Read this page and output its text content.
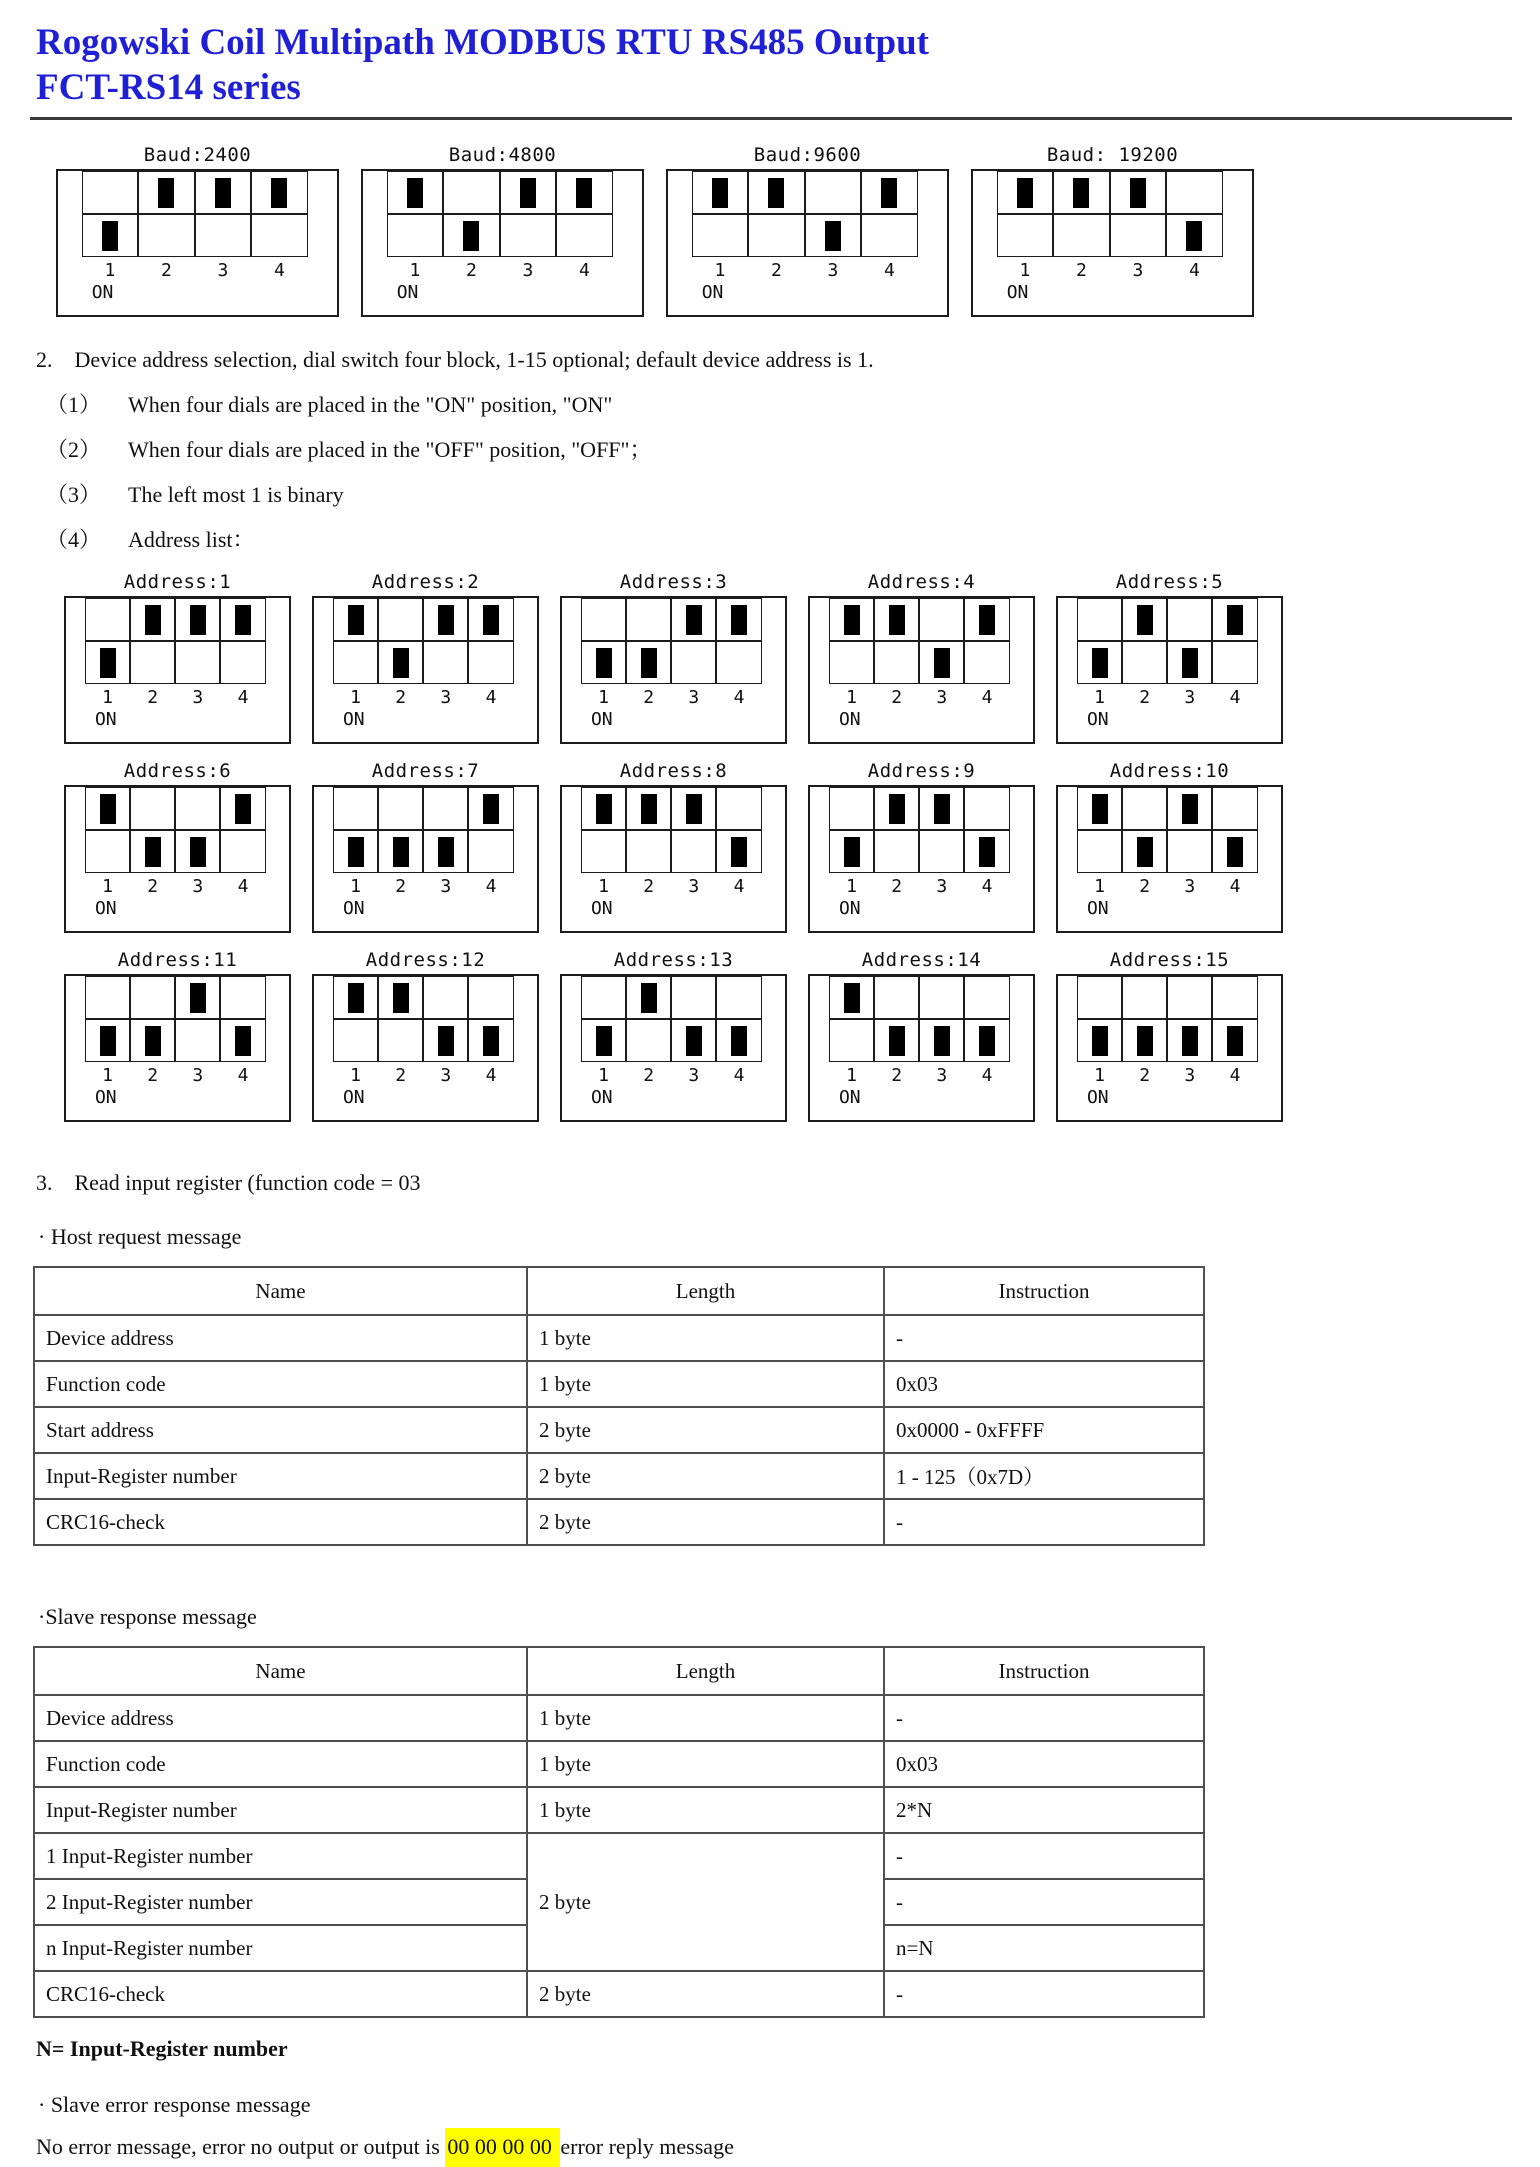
Rogowski Coil Multipath MODBUS RTU RS485 Output
FCT-RS14 series
Baud:2400
1	2	3	4
ON
Baud:4800
1	2	3	4
ON
Baud:9600
1	2	3	4
ON
Baud: 19200
1	2	3	4
ON

2.    Device address selection, dial switch four block, 1-15 optional; default device address is 1.

（1） When four dials are placed in the "ON" position, "ON"
（2） When four dials are placed in the "OFF" position, "OFF"；
（3） The left most 1 is binary
（4） Address list：
Address:1
1	2	3	4
ON
Address:2
1	2	3	4
ON
Address:3
1	2	3	4
ON
Address:4
1	2	3	4
ON
Address:5
1	2	3	4
ON
Address:6
1	2	3	4
ON
Address:7
1	2	3	4
ON
Address:8
1	2	3	4
ON
Address:9
1	2	3	4
ON
Address:10
1	2	3	4
ON
Address:11
1	2	3	4
ON
Address:12
1	2	3	4
ON
Address:13
1	2	3	4
ON
Address:14
1	2	3	4
ON
Address:15
1	2	3	4
ON

3.    Read input register (function code = 03

· Host request message

Name	Length	Instruction
Device address	1 byte	-
Function code	1 byte	0x03
Start address	2 byte	0x0000 - 0xFFFF
Input-Register number	2 byte	1 - 125（0x7D）
CRC16-check	2 byte	-

·Slave response message

Name	Length	Instruction
Device address	1 byte	-
Function code	1 byte	0x03
Input-Register number	1 byte	2*N
1 Input-Register number	2 byte	-
2 Input-Register number		-
n Input-Register number		n=N
CRC16-check	2 byte	-

N= Input-Register number

· Slave error response message

No error message, error no output or output is 00 00 00 00 error reply message
